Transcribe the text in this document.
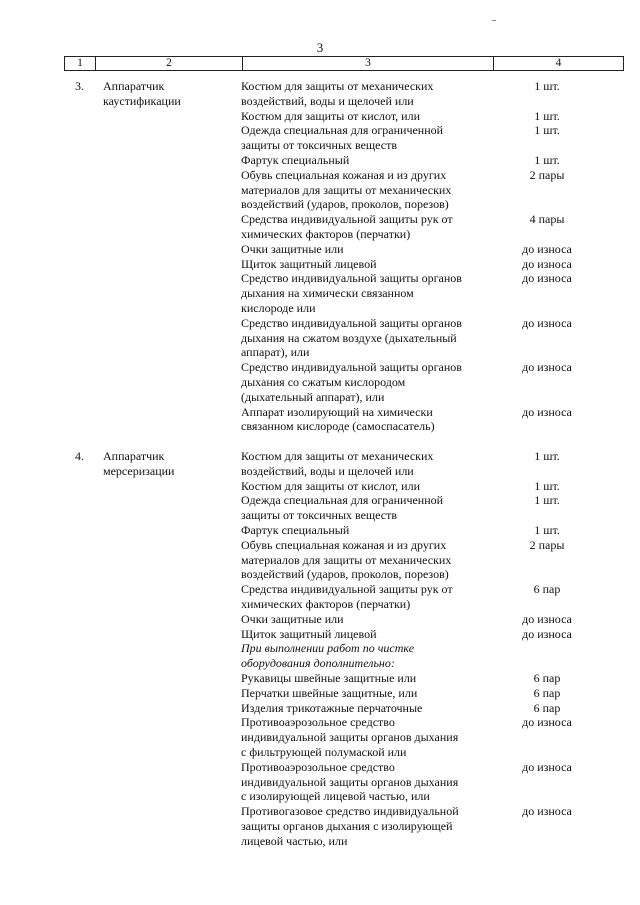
3
1	2	3	4
3. Аппаратчик каустификации
Костюм для защиты от механических	1 шт.
воздействий, воды и щелочей или
Костюм для защиты от кислот, или	1 шт.
Одежда специальная для ограниченной	1 шт.
защиты от токсичных веществ
Фартук специальный	1 шт.
Обувь специальная кожаная и из других	2 пары
материалов для защиты от механических
воздействий (ударов, проколов, порезов)
Средства индивидуальной защиты рук от	4 пары
химических факторов (перчатки)
Очки защитные или	до износа
Щиток защитный лицевой	до износа
Средство индивидуальной защиты органов	до износа
дыхания на химически связанном
кислороде или
Средство индивидуальной защиты органов	до износа
дыхания на сжатом воздухе (дыхательный
аппарат), или
Средство индивидуальной защиты органов	до износа
дыхания со сжатым кислородом
(дыхательный аппарат), или
Аппарат изолирующий на химически	до износа
связанном кислороде (самоспасатель)
4. Аппаратчик мерсеризации
Костюм для защиты от механических	1 шт.
воздействий, воды и щелочей или
Костюм для защиты от кислот, или	1 шт.
Одежда специальная для ограниченной	1 шт.
защиты от токсичных веществ
Фартук специальный	1 шт.
Обувь специальная кожаная и из других	2 пары
материалов для защиты от механических
воздействий (ударов, проколов, порезов)
Средства индивидуальной защиты рук от	6 пар
химических факторов (перчатки)
Очки защитные или	до износа
Щиток защитный лицевой	до износа
При выполнении работ по чистке
оборудования дополнительно:
Рукавицы швейные защитные или	6 пар
Перчатки швейные защитные, или	6 пар
Изделия трикотажные перчаточные	6 пар
Противоаэрозольное средство	до износа
индивидуальной защиты органов дыхания
с фильтрующей полумаской или
Противоаэрозольное средство	до износа
индивидуальной защиты органов дыхания
с изолирующей лицевой частью, или
Противогазовое средство индивидуальной	до износа
защиты органов дыхания с изолирующей
лицевой частью, или
